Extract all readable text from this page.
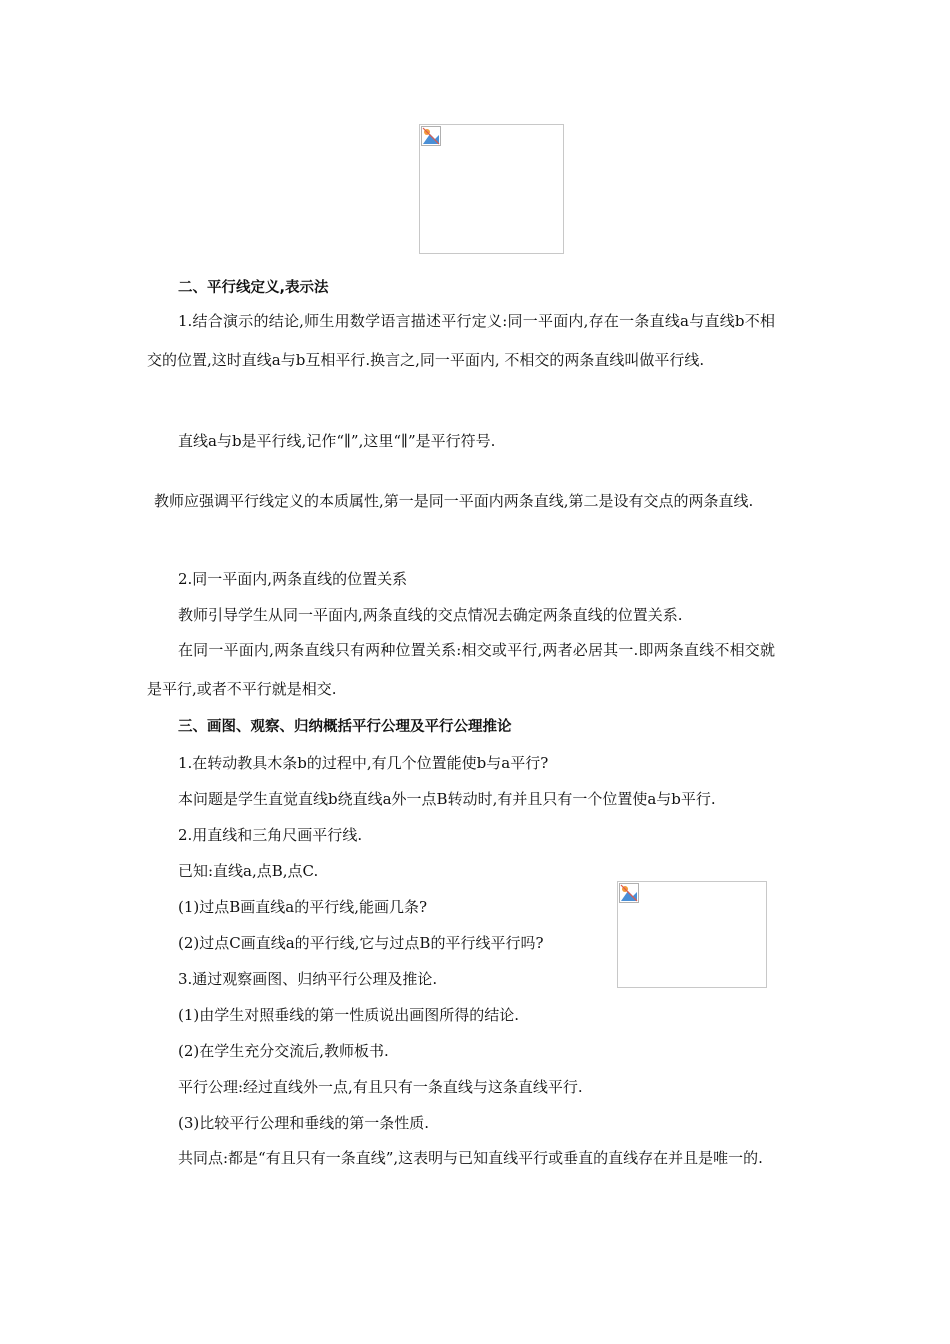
二、平行线定义,表示法
1.结合演示的结论,师生用数学语言描述平行定义:同一平面内,存在一条直线a与直线b不相交的位置,这时直线a与b互相平行.换言之,同一平面内, 不相交的两条直线叫做平行线.
直线a与b是平行线,记作“∥”,这里“∥”是平行符号.
教师应强调平行线定义的本质属性,第一是同一平面内两条直线,第二是设有交点的两条直线.
2.同一平面内,两条直线的位置关系
教师引导学生从同一平面内,两条直线的交点情况去确定两条直线的位置关系.
在同一平面内,两条直线只有两种位置关系:相交或平行,两者必居其一.即两条直线不相交就是平行,或者不平行就是相交.
三、画图、观察、归纳概括平行公理及平行公理推论
1.在转动教具木条b的过程中,有几个位置能使b与a平行?
本问题是学生直觉直线b绕直线a外一点B转动时,有并且只有一个位置使a与b平行.
2.用直线和三角尺画平行线.
已知:直线a,点B,点C.
(1)过点B画直线a的平行线,能画几条?
(2)过点C画直线a的平行线,它与过点B的平行线平行吗?
3.通过观察画图、归纳平行公理及推论.
(1)由学生对照垂线的第一性质说出画图所得的结论.
(2)在学生充分交流后,教师板书.
平行公理:经过直线外一点,有且只有一条直线与这条直线平行.
(3)比较平行公理和垂线的第一条性质.
共同点:都是“有且只有一条直线”,这表明与已知直线平行或垂直的直线存在并且是唯一的.
